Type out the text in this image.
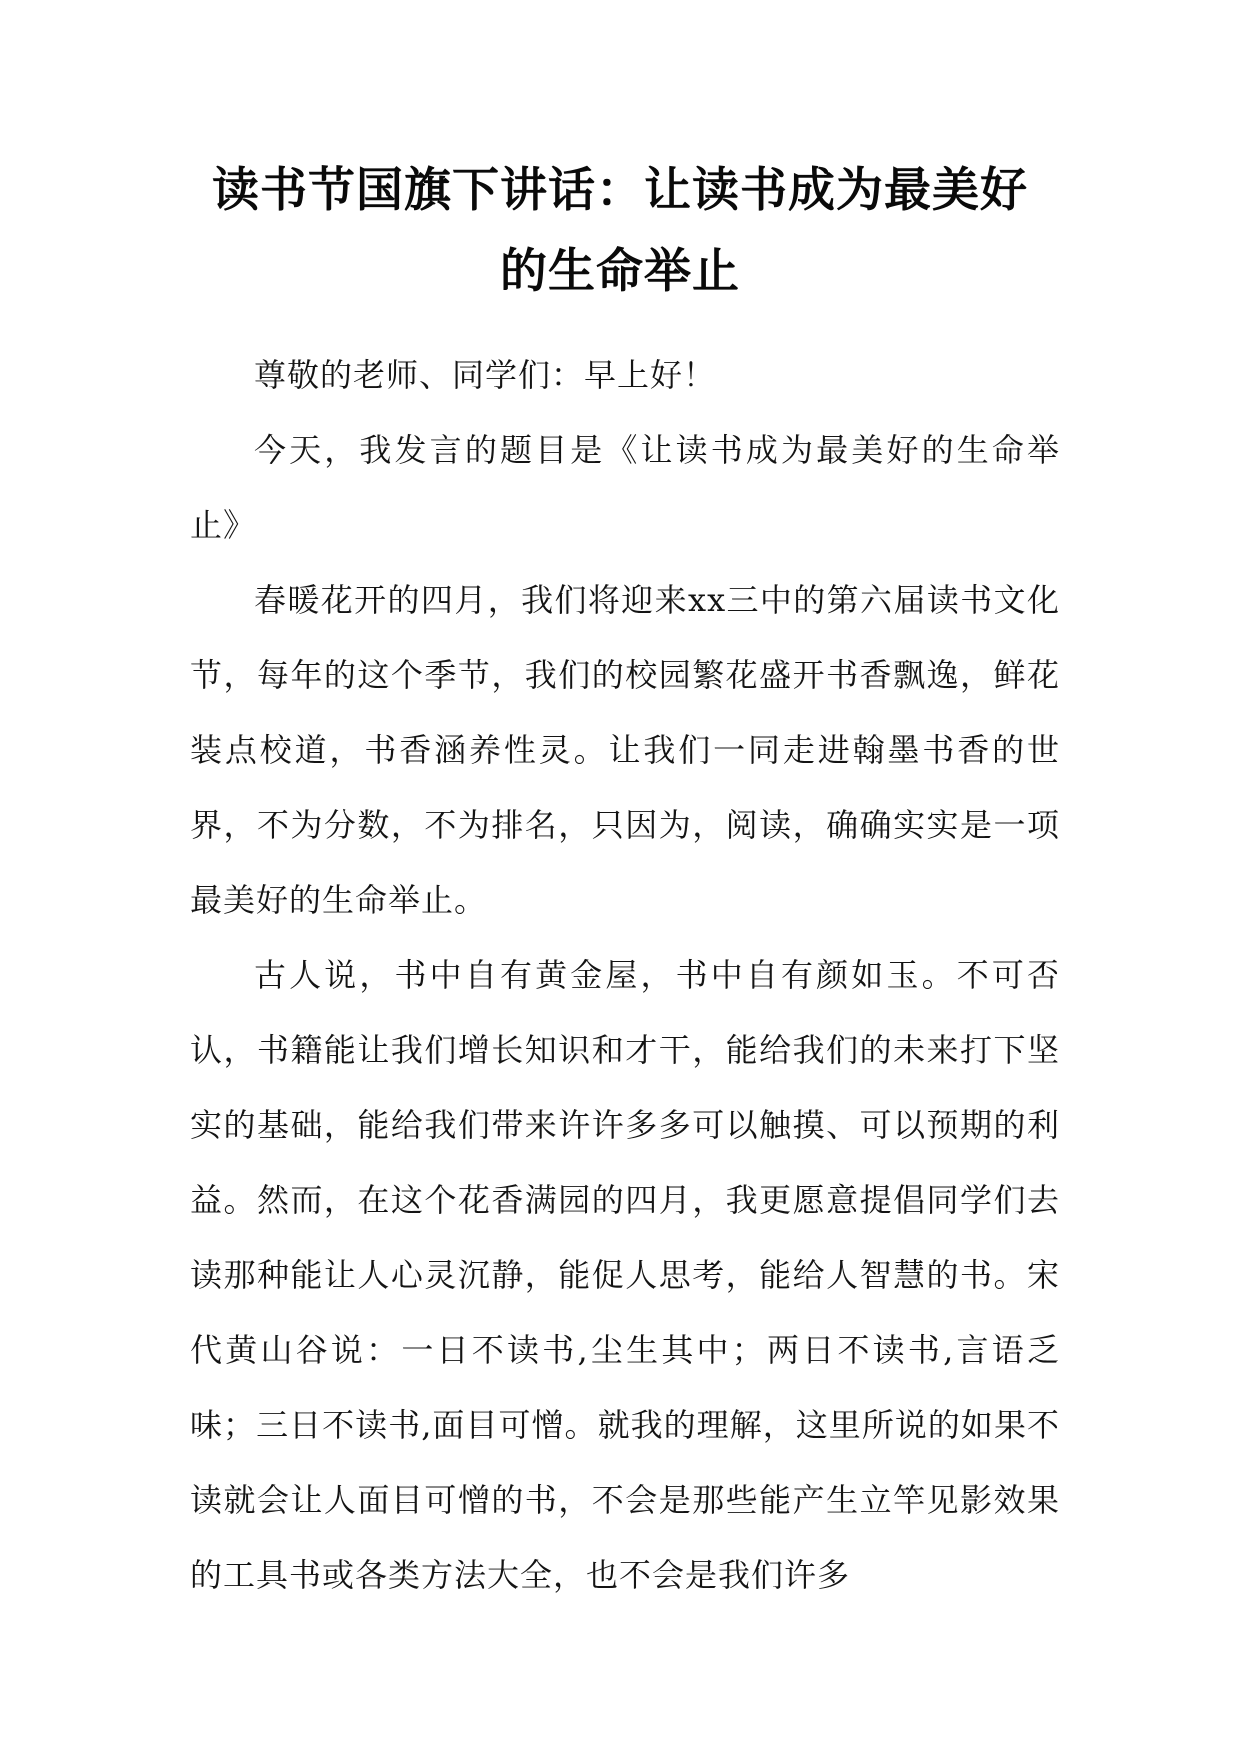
读书节国旗下讲话：让读书成为最美好
的生命举止

尊敬的老师、同学们：早上好！

今天，我发言的题目是《让读书成为最美好的生命举止》

春暖花开的四月，我们将迎来xx三中的第六届读书文化节，每年的这个季节，我们的校园繁花盛开书香飘逸，鲜花装点校道，书香涵养性灵。让我们一同走进翰墨书香的世界，不为分数，不为排名，只因为，阅读，确确实实是一项最美好的生命举止。

古人说，书中自有黄金屋，书中自有颜如玉。不可否认，书籍能让我们增长知识和才干，能给我们的未来打下坚实的基础，能给我们带来许许多多可以触摸、可以预期的利益。然而，在这个花香满园的四月，我更愿意提倡同学们去读那种能让人心灵沉静，能促人思考，能给人智慧的书。宋代黄山谷说：一日不读书,尘生其中；两日不读书,言语乏味；三日不读书,面目可憎。就我的理解，这里所说的如果不读就会让人面目可憎的书，不会是那些能产生立竿见影效果的工具书或各类方法大全，也不会是我们许多
